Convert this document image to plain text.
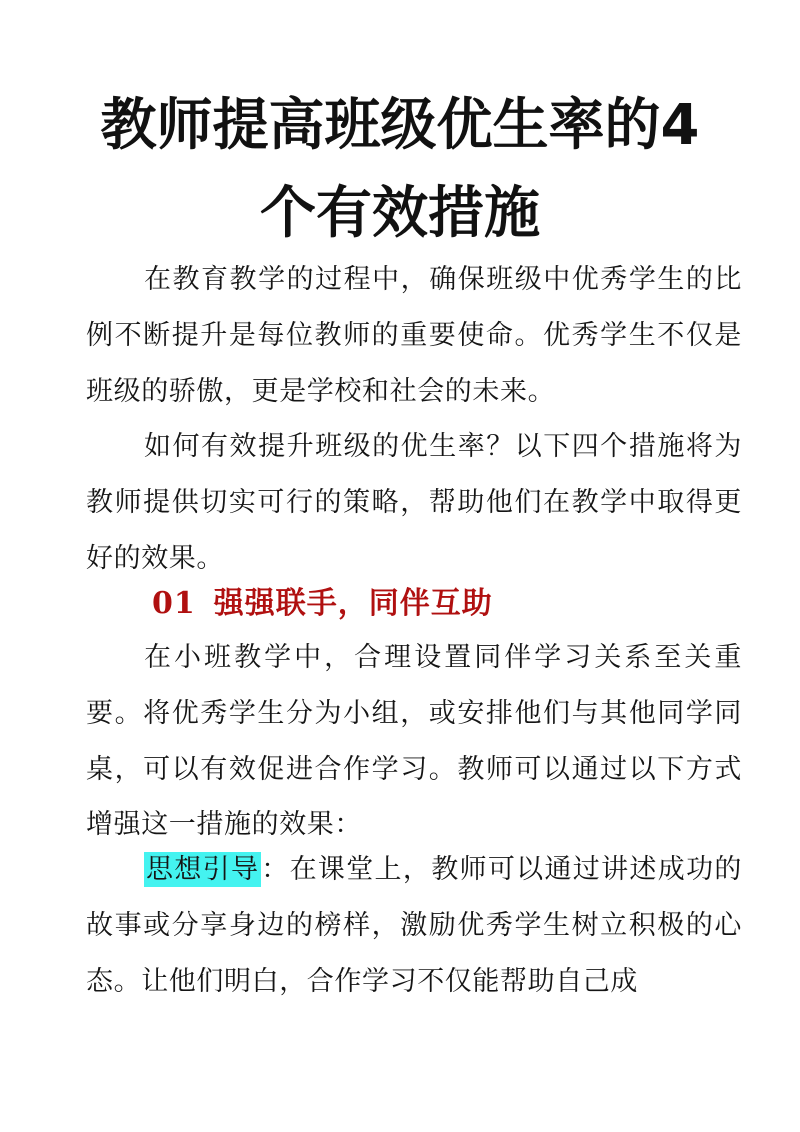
教师提高班级优生率的4
个有效措施

在教育教学的过程中，确保班级中优秀学生的比例不断提升是每位教师的重要使命。优秀学生不仅是班级的骄傲，更是学校和社会的未来。

如何有效提升班级的优生率？以下四个措施将为教师提供切实可行的策略，帮助他们在教学中取得更好的效果。

01 强强联手，同伴互助

在小班教学中，合理设置同伴学习关系至关重要。将优秀学生分为小组，或安排他们与其他同学同桌，可以有效促进合作学习。教师可以通过以下方式增强这一措施的效果：

思想引导：在课堂上，教师可以通过讲述成功的故事或分享身边的榜样，激励优秀学生树立积极的心态。让他们明白，合作学习不仅能帮助自己成
